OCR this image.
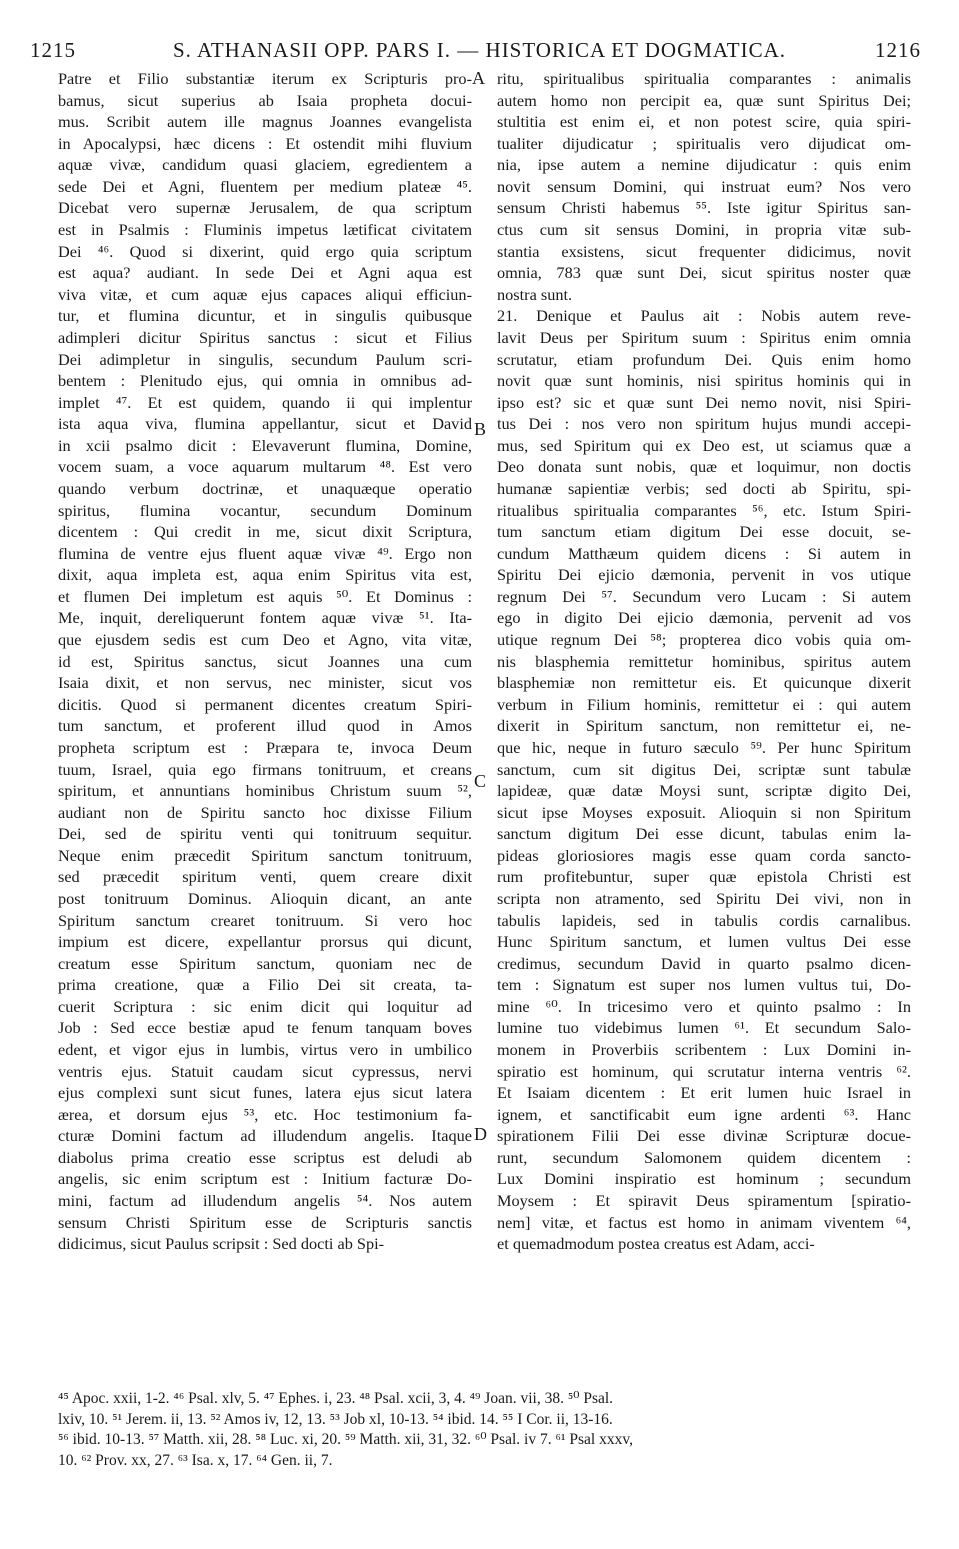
1215	S. ATHANASII OPP. PARS I. — HISTORICA ET DOGMATICA.	1216
Patre et Filio substantiæ iterum ex Scripturis pro-
bamus, sicut superius ab Isaia propheta docui-
mus. Scribit autem ille magnus Joannes evangelista
in Apocalypsi, hæc dicens : Et ostendit mihi fluvium
aquæ vivæ, candidum quasi glaciem, egredientem a
sede Dei et Agni, fluentem per medium plateæ ⁴⁵.
Dicebat vero supernæ Jerusalem, de qua scriptum
est in Psalmis : Fluminis impetus lætificat civitatem
Dei ⁴⁶. Quod si dixerint, quid ergo quia scriptum
est aqua? audiant. In sede Dei et Agni aqua est
viva vitæ, et cum aquæ ejus capaces aliqui efficiun-
tur, et flumina dicuntur, et in singulis quibusque
adimpleri dicitur Spiritus sanctus : sicut et Filius
Dei adimpletur in singulis, secundum Paulum scri-
bentem : Plenitudo ejus, qui omnia in omnibus ad-
implet ⁴⁷. Et est quidem, quando ii qui implentur
ista aqua viva, flumina appellantur, sicut et David
in xcii psalmo dicit : Elevaverunt flumina, Domine,
vocem suam, a voce aquarum multarum ⁴⁸. Est vero
quando verbum doctrinæ, et unaquæque operatio
spiritus, flumina vocantur, secundum Dominum
dicentem : Qui credit in me, sicut dixit Scriptura,
flumina de ventre ejus fluent aquæ vivæ ⁴⁹. Ergo non
dixit, aqua impleta est, aqua enim Spiritus vita est,
et flumen Dei impletum est aquis ⁵⁰. Et Dominus :
Me, inquit, dereliquerunt fontem aquæ vivæ ⁵¹. Ita-
que ejusdem sedis est cum Deo et Agno, vita vitæ,
id est, Spiritus sanctus, sicut Joannes una cum
Isaia dixit, et non servus, nec minister, sicut vos
dicitis. Quod si permanent dicentes creatum Spiri-
tum sanctum, et proferent illud quod in Amos
propheta scriptum est : Præpara te, invoca Deum
tuum, Israel, quia ego firmans tonitruum, et creans
spiritum, et annuntians hominibus Christum suum ⁵²,
audiant non de Spiritu sancto hoc dixisse Filium
Dei, sed de spiritu venti qui tonitruum sequitur.
Neque enim præcedit Spiritum sanctum tonitruum,
sed præcedit spiritum venti, quem creare dixit
post tonitruum Dominus. Alioquin dicant, an ante
Spiritum sanctum crearet tonitruum. Si vero hoc
impium est dicere, expellantur prorsus qui dicunt,
creatum esse Spiritum sanctum, quoniam nec de
prima creatione, quæ a Filio Dei sit creata, ta-
cuerit Scriptura : sic enim dicit qui loquitur ad
Job : Sed ecce bestiæ apud te fenum tanquam boves
edent, et vigor ejus in lumbis, virtus vero in umbilico
ventris ejus. Statuit caudam sicut cypressus, nervi
ejus complexi sunt sicut funes, latera ejus sicut latera
ærea, et dorsum ejus ⁵³, etc. Hoc testimonium fa-
cturæ Domini factum ad illudendum angelis. Itaque
diabolus prima creatio esse scriptus est deludi ab
angelis, sic enim scriptum est : Initium facturæ Do-
mini, factum ad illudendum angelis ⁵⁴. Nos autem
sensum Christi Spiritum esse de Scripturis sanctis
didicimus, sicut Paulus scripsit : Sed docti ab Spi-
ritu, spiritualibus spiritualia comparantes : animalis
autem homo non percipit ea, quæ sunt Spiritus Dei;
stultitia est enim ei, et non potest scire, quia spiri-
tualiter dijudicatur ; spiritualis vero dijudicat om-
nia, ipse autem a nemine dijudicatur : quis enim
novit sensum Domini, qui instruat eum? Nos vero
sensum Christi habemus ⁵⁵. Iste igitur Spiritus san-
ctus cum sit sensus Domini, in propria vitæ sub-
stantia exsistens, sicut frequenter didicimus, novit
omnia, 783 quæ sunt Dei, sicut spiritus noster quæ
nostra sunt.
21. Denique et Paulus ait : Nobis autem reve-
lavit Deus per Spiritum suum : Spiritus enim omnia
scrutatur, etiam profundum Dei. Quis enim homo
novit quæ sunt hominis, nisi spiritus hominis qui in
ipso est? sic et quæ sunt Dei nemo novit, nisi Spiri-
tus Dei : nos vero non spiritum hujus mundi accepi-
mus, sed Spiritum qui ex Deo est, ut sciamus quæ a
Deo donata sunt nobis, quæ et loquimur, non doctis
humanæ sapientiæ verbis; sed docti ab Spiritu, spi-
ritualibus spiritualia comparantes ⁵⁶, etc. Istum Spiri-
tum sanctum etiam digitum Dei esse docuit, se-
cundum Matthæum quidem dicens : Si autem in
Spiritu Dei ejicio dæmonia, pervenit in vos utique
regnum Dei ⁵⁷. Secundum vero Lucam : Si autem
ego in digito Dei ejicio dæmonia, pervenit ad vos
utique regnum Dei ⁵⁸; propterea dico vobis quia om-
nis blasphemia remittetur hominibus, spiritus autem
blasphemiæ non remittetur eis. Et quicunque dixerit
verbum in Filium hominis, remittetur ei : qui autem
dixerit in Spiritum sanctum, non remittetur ei, ne-
que hic, neque in futuro sæculo ⁵⁹. Per hunc Spiritum
sanctum, cum sit digitus Dei, scriptæ sunt tabulæ
lapideæ, quæ datæ Moysi sunt, scriptæ digito Dei,
sicut ipse Moyses exposuit. Alioquin si non Spiritum
sanctum digitum Dei esse dicunt, tabulas enim la-
pideas gloriosiores magis esse quam corda sancto-
rum profitebuntur, super quæ epistola Christi est
scripta non atramento, sed Spiritu Dei vivi, non in
tabulis lapideis, sed in tabulis cordis carnalibus.
Hunc Spiritum sanctum, et lumen vultus Dei esse
credimus, secundum David in quarto psalmo dicen-
tem : Signatum est super nos lumen vultus tui, Do-
mine ⁶⁰. In tricesimo vero et quinto psalmo : In
lumine tuo videbimus lumen ⁶¹. Et secundum Salo-
monem in Proverbiis scribentem : Lux Domini in-
spiratio est hominum, qui scrutatur interna ventris ⁶².
Et Isaiam dicentem : Et erit lumen huic Israel in
ignem, et sanctificabit eum igne ardenti ⁶³. Hanc
spirationem Filii Dei esse divinæ Scripturæ docue-
runt, secundum Salomonem quidem dicentem :
Lux Domini inspiratio est hominum ; secundum
Moysem : Et spiravit Deus spiramentum [spiratio-
nem] vitæ, et factus est homo in animam viventem ⁶⁴,
et quemadmodum postea creatus est Adam, acci-
A
B
C
D
⁴⁵ Apoc. xxii, 1-2. ⁴⁶ Psal. xlv, 5. ⁴⁷ Ephes. i, 23. ⁴⁸ Psal. xcii, 3, 4. ⁴⁹ Joan. vii, 38. ⁵⁰ Psal.
lxiv, 10. ⁵¹ Jerem. ii, 13. ⁵² Amos iv, 12, 13. ⁵³ Job xl, 10-13. ⁵⁴ ibid. 14. ⁵⁵ I Cor. ii, 13-16.
⁵⁶ ibid. 10-13. ⁵⁷ Matth. xii, 28. ⁵⁸ Luc. xi, 20. ⁵⁹ Matth. xii, 31, 32. ⁶⁰ Psal. iv 7. ⁶¹ Psal xxxv,
10. ⁶² Prov. xx, 27. ⁶³ Isa. x, 17. ⁶⁴ Gen. ii, 7.
